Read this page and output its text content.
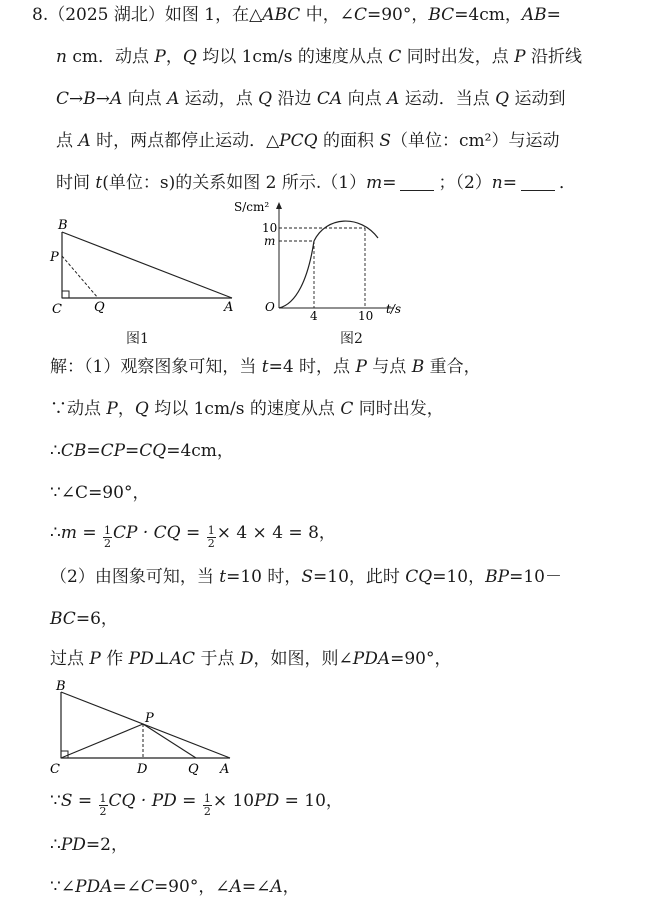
8.（2025 湖北）如图 1，在△ABC 中，∠C=90°，BC=4cm，AB=
n cm．动点 P，Q 均以 1cm/s 的速度从点 C 同时出发，点 P 沿折线
C→B→A 向点 A 运动，点 Q 沿边 CA 向点 A 运动．当点 Q 运动到
点 A 时，两点都停止运动．△PCQ 的面积 S（单位：cm²）与运动
时间 t(单位：s)的关系如图 2 所示.（1）m= ；（2）n= ．
B
P
C Q	A
图1
S/cm²
10
m
O
4	10 t/s
图2
解：（1）观察图象可知，当 t=4 时，点 P 与点 B 重合，
∵动点 P，Q 均以 1cm/s 的速度从点 C 同时出发，
∴CB=CP=CQ=4cm，
∵∠C=90°，
∴m = $\frac{1}{2}$ CP · CQ = $\frac{1}{2} \times 4 \times 4 = 8$，
（2）由图象可知，当 t=10 时，S=10，此时 CQ=10，BP=10－
BC=6，
过点 P 作 PD⊥AC 于点 D，如图，则∠PDA=90°，
B
P
C	D	Q A
∵S = $\frac{1}{2}$ CQ · PD = $\frac{1}{2} \times 10PD = 10$，
∴PD=2，
∵∠PDA=∠C=90°，∠A=∠A，
